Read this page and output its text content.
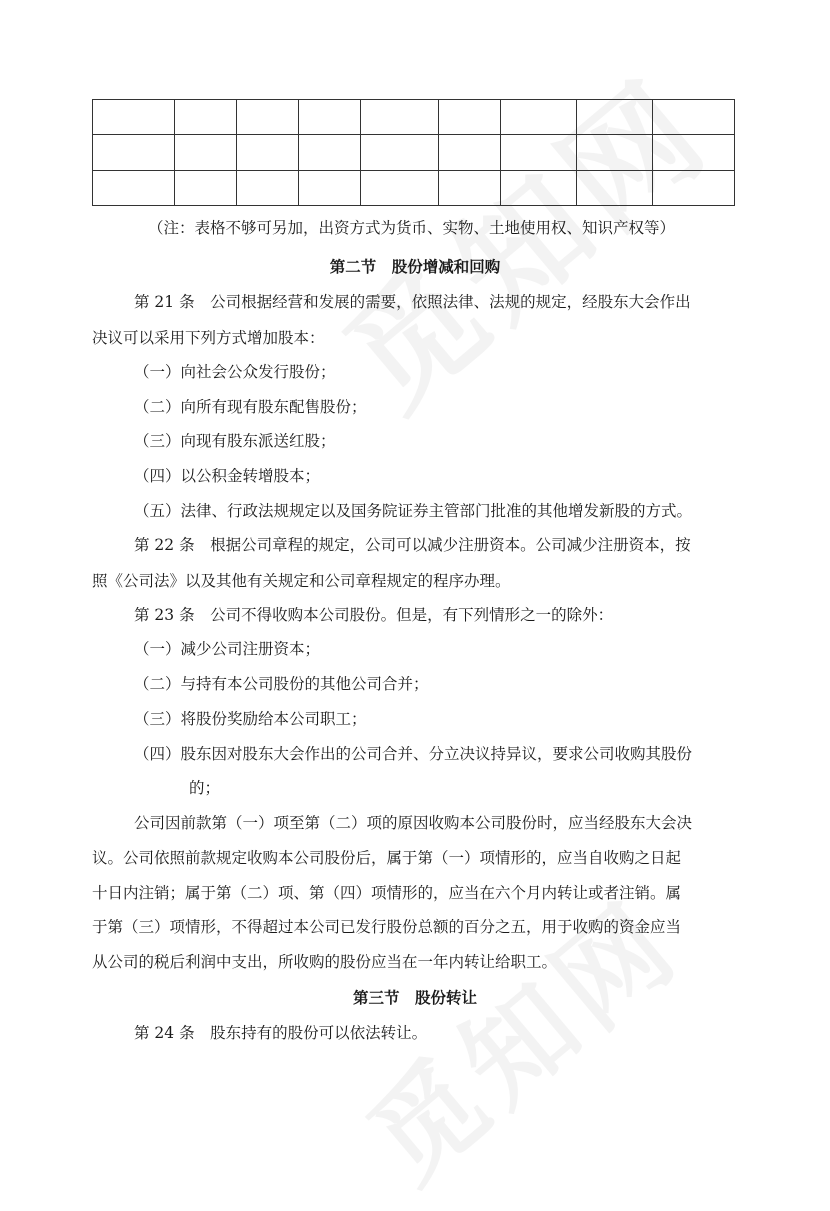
（注：表格不够可另加，出资方式为货币、实物、土地使用权、知识产权等）

第二节　股份增减和回购

第 21 条　公司根据经营和发展的需要，依照法律、法规的规定，经股东大会作出

决议可以采用下列方式增加股本：

（一）向社会公众发行股份；

（二）向所有现有股东配售股份；

（三）向现有股东派送红股；

（四）以公积金转增股本；

（五）法律、行政法规规定以及国务院证券主管部门批准的其他增发新股的方式。

第 22 条　根据公司章程的规定，公司可以减少注册资本。公司减少注册资本，按

照《公司法》以及其他有关规定和公司章程规定的程序办理。

第 23 条　公司不得收购本公司股份。但是，有下列情形之一的除外：

（一）减少公司注册资本；

（二）与持有本公司股份的其他公司合并；

（三）将股份奖励给本公司职工；

（四）股东因对股东大会作出的公司合并、分立决议持异议，要求公司收购其股份

的；

公司因前款第（一）项至第（二）项的原因收购本公司股份时，应当经股东大会决

议。公司依照前款规定收购本公司股份后，属于第（一）项情形的，应当自收购之日起

十日内注销；属于第（二）项、第（四）项情形的，应当在六个月内转让或者注销。属

于第（三）项情形，不得超过本公司已发行股份总额的百分之五，用于收购的资金应当

从公司的税后利润中支出，所收购的股份应当在一年内转让给职工。

第三节　股份转让

第 24 条　股东持有的股份可以依法转让。
